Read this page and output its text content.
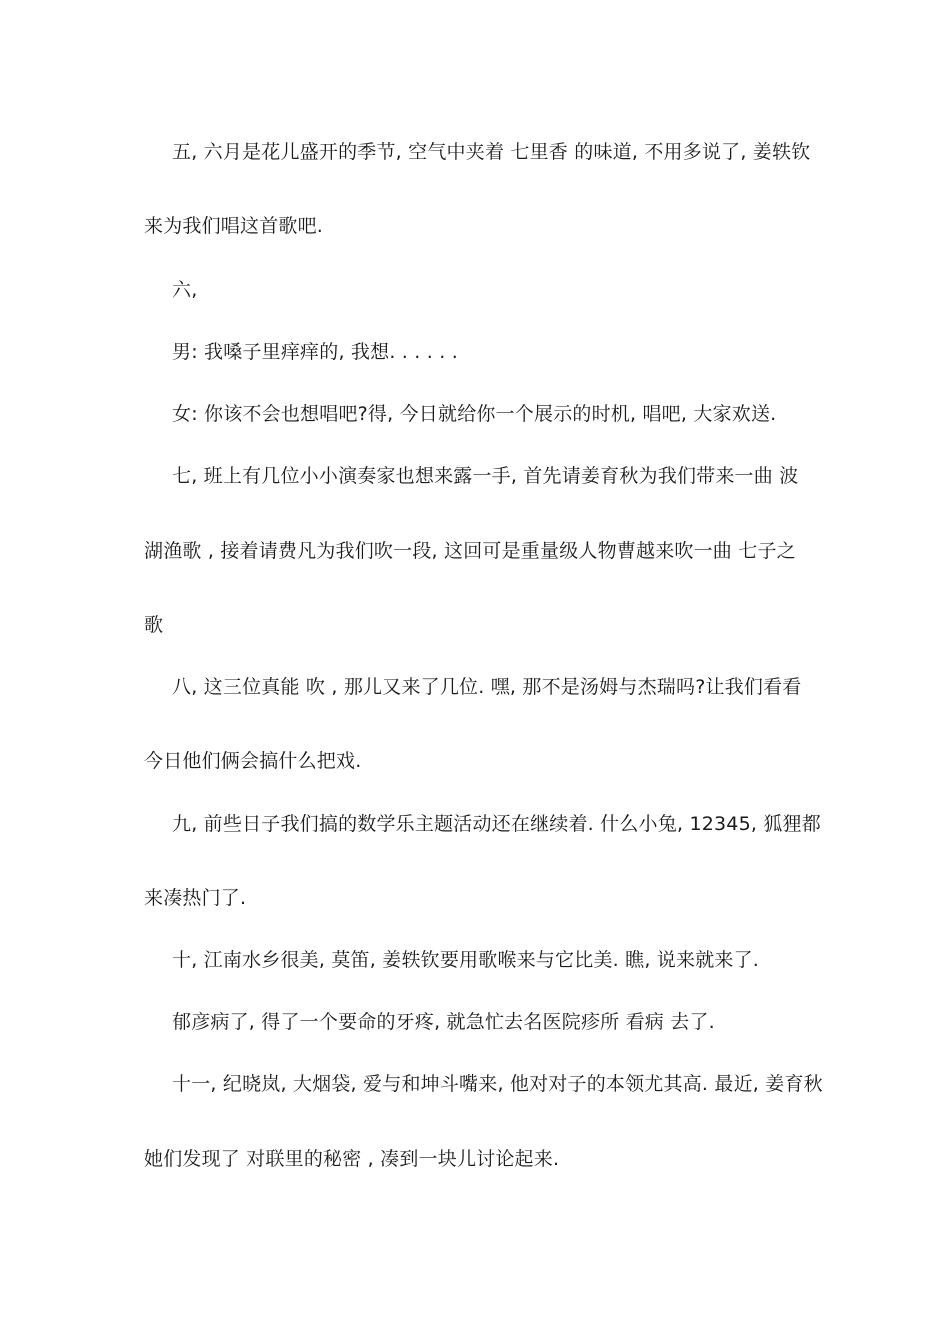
五, 六月是花儿盛开的季节, 空气中夹着 七里香 的味道, 不用多说了, 姜轶钦
来为我们唱这首歌吧.
六,
男: 我嗓子里痒痒的, 我想. . . . . .
女: 你该不会也想唱吧?得, 今日就给你一个展示的时机, 唱吧, 大家欢送.
七, 班上有几位小小演奏家也想来露一手, 首先请姜育秋为我们带来一曲 波
湖渔歌 , 接着请费凡为我们吹一段, 这回可是重量级人物曹越来吹一曲 七子之
歌
八, 这三位真能 吹 , 那儿又来了几位. 嘿, 那不是汤姆与杰瑞吗?让我们看看
今日他们俩会搞什么把戏.
九, 前些日子我们搞的数学乐主题活动还在继续着. 什么小兔, 12345, 狐狸都
来凑热门了.
十, 江南水乡很美, 莫笛, 姜轶钦要用歌喉来与它比美. 瞧, 说来就来了.
郁彦病了, 得了一个要命的牙疼, 就急忙去名医院疹所 看病 去了.
十一, 纪晓岚, 大烟袋, 爱与和坤斗嘴来, 他对对子的本领尤其高. 最近, 姜育秋
她们发现了 对联里的秘密 , 凑到一块儿讨论起来.
